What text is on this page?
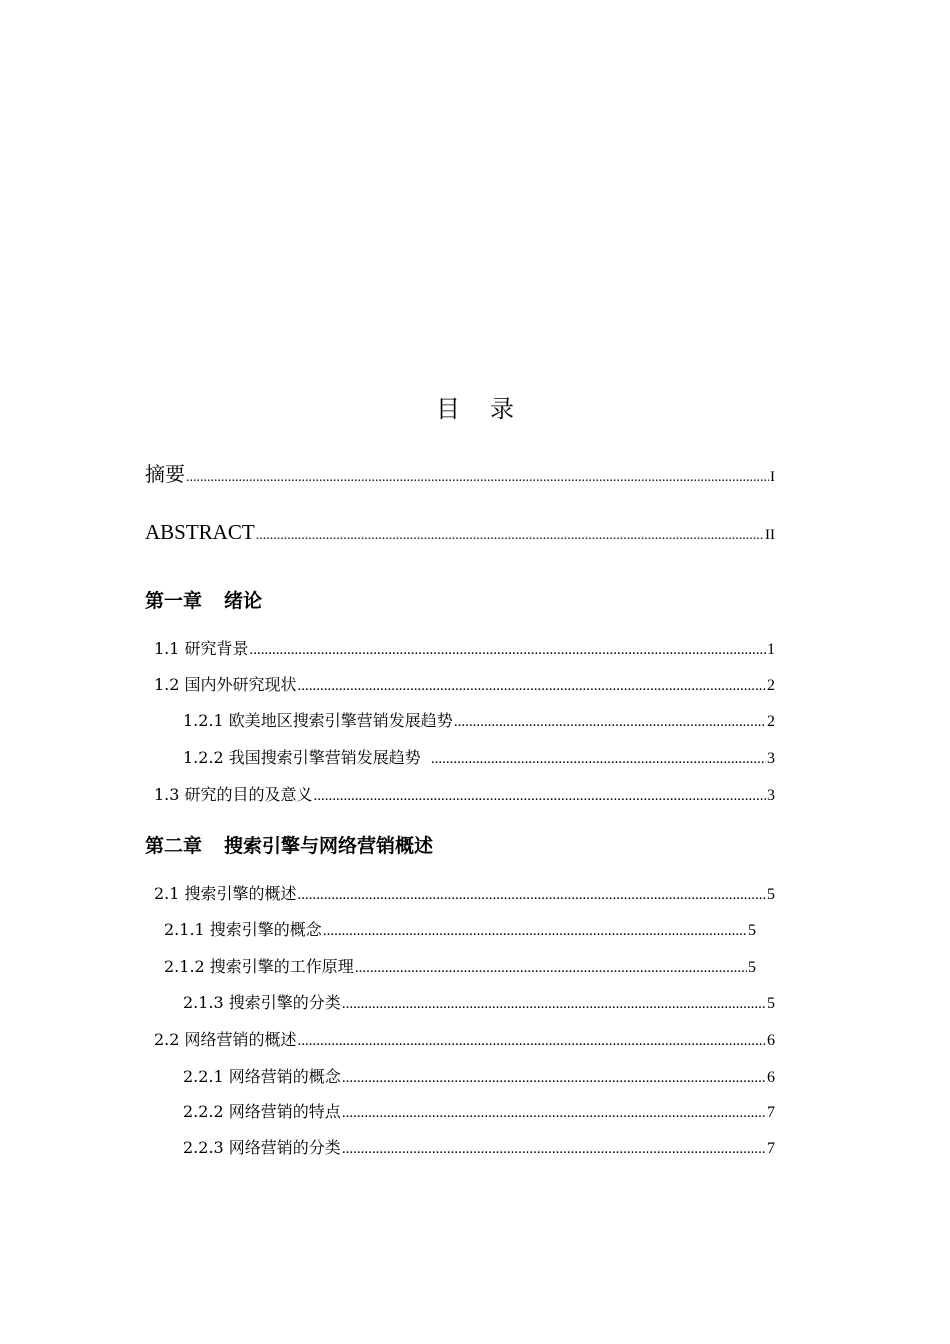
目 录
摘要 .....	I
ABSTRACT .....	II
第一章 绪论
1.1 研究背景 .....	1
1.2 国内外研究现状 .....	2
1.2.1 欧美地区搜索引擎营销发展趋势 .....	2
1.2.2 我国搜索引擎营销发展趋势 .....	3
1.3 研究的目的及意义 .....	3
第二章 搜索引擎与网络营销概述
2.1 搜索引擎的概述 .....	5
2.1.1 搜索引擎的概念 .....	5
2.1.2 搜索引擎的工作原理 .....	5
2.1.3 搜索引擎的分类 .....	5
2.2 网络营销的概述 .....	6
2.2.1 网络营销的概念 .....	6
2.2.2 网络营销的特点 .....	7
2.2.3 网络营销的分类 .....	7
